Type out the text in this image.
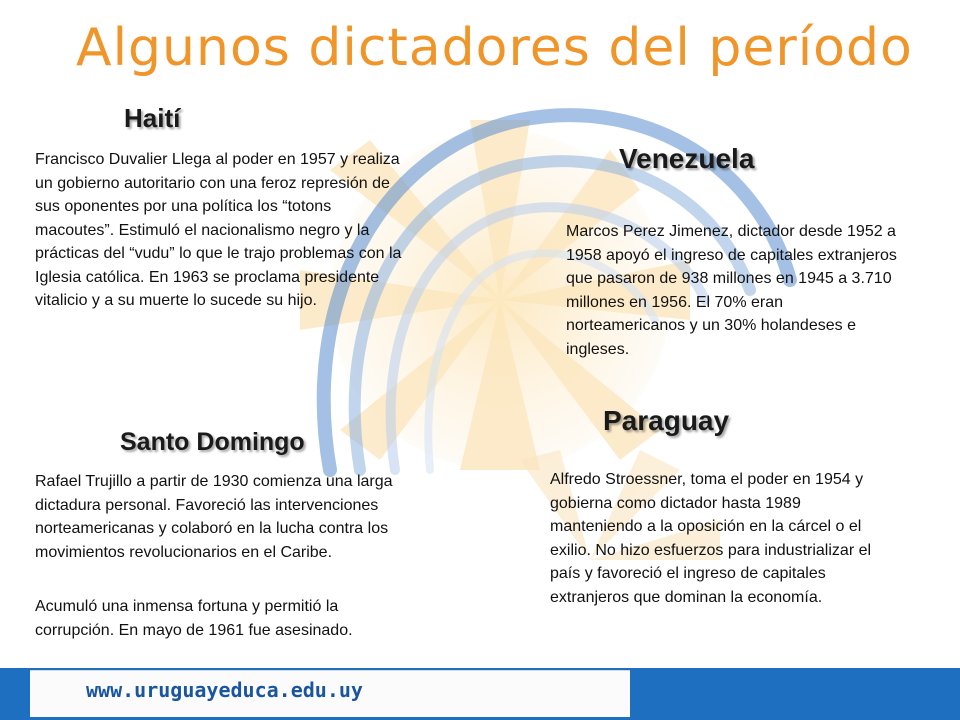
Algunos dictadores del período
Haití

Francisco Duvalier Llega al poder en 1957 y realiza un gobierno autoritario con una feroz represión de sus oponentes por una política los “totons macoutes”. Estimuló el nacionalismo negro y la prácticas del “vudu” lo que le trajo problemas con la Iglesia católica. En 1963 se proclama presidente vitalicio y a su muerte lo sucede su hijo.

Venezuela

Marcos Perez Jimenez, dictador desde 1952 a 1958 apoyó el ingreso de capitales extranjeros que pasaron de 938 millones en 1945 a 3.710 millones en 1956. El 70% eran norteamericanos y un 30% holandeses e ingleses.

Santo Domingo

Rafael Trujillo a partir de 1930 comienza una larga dictadura personal. Favoreció las intervenciones norteamericanas y colaboró en la lucha contra los movimientos revolucionarios en el Caribe.

Acumuló una inmensa fortuna y permitió la corrupción. En mayo de 1961 fue asesinado.

Paraguay

Alfredo Stroessner, toma el poder en 1954 y gobierna como dictador hasta 1989 manteniendo a la oposición en la cárcel o el exilio. No hizo esfuerzos para industrializar el país y favoreció el ingreso de capitales extranjeros que dominan la economía.

www.uruguayeduca.edu.uy
